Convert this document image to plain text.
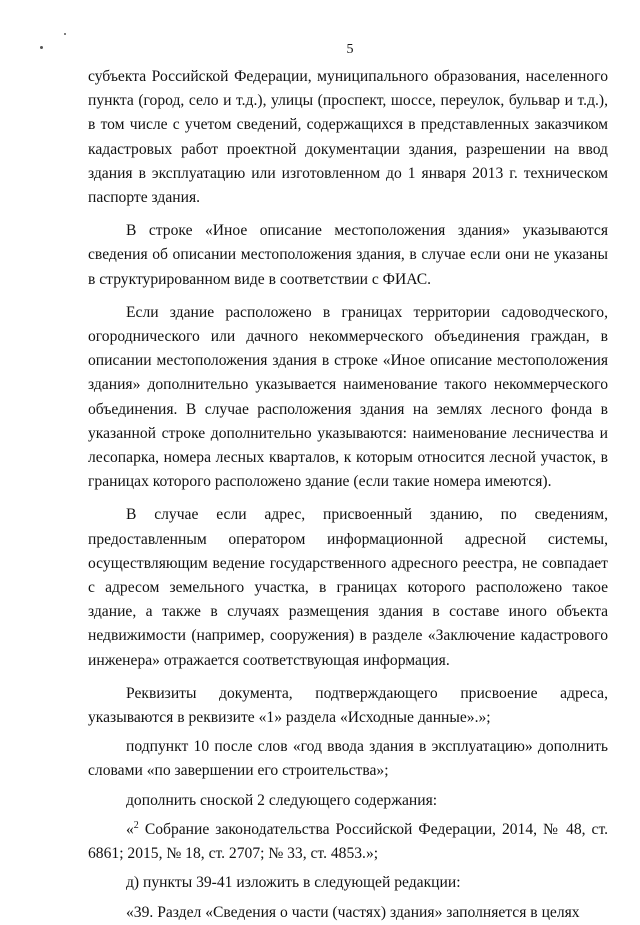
5

субъекта Российской Федерации, муниципального образования, населенного пункта (город, село и т.д.), улицы (проспект, шоссе, переулок, бульвар и т.д.), в том числе с учетом сведений, содержащихся в представленных заказчиком кадастровых работ проектной документации здания, разрешении на ввод здания в эксплуатацию или изготовленном до 1 января 2013 г. техническом паспорте здания.

В строке «Иное описание местоположения здания» указываются сведения об описании местоположения здания, в случае если они не указаны в структурированном виде в соответствии с ФИАС.

Если здание расположено в границах территории садоводческого, огороднического или дачного некоммерческого объединения граждан, в описании местоположения здания в строке «Иное описание местоположения здания» дополнительно указывается наименование такого некоммерческого объединения. В случае расположения здания на землях лесного фонда в указанной строке дополнительно указываются: наименование лесничества и лесопарка, номера лесных кварталов, к которым относится лесной участок, в границах которого расположено здание (если такие номера имеются).

В случае если адрес, присвоенный зданию, по сведениям, предоставленным оператором информационной адресной системы, осуществляющим ведение государственного адресного реестра, не совпадает с адресом земельного участка, в границах которого расположено такое здание, а также в случаях размещения здания в составе иного объекта недвижимости (например, сооружения) в разделе «Заключение кадастрового инженера» отражается соответствующая информация.

Реквизиты документа, подтверждающего присвоение адреса, указываются в реквизите «1» раздела «Исходные данные».»;

подпункт 10 после слов «год ввода здания в эксплуатацию» дополнить словами «по завершении его строительства»;

дополнить сноской 2 следующего содержания:

«$^2$ Собрание законодательства Российской Федерации, 2014, № 48, ст. 6861; 2015, № 18, ст. 2707; № 33, ст. 4853.»;

д) пункты 39-41 изложить в следующей редакции:

«39. Раздел «Сведения о части (частях) здания» заполняется в целях
